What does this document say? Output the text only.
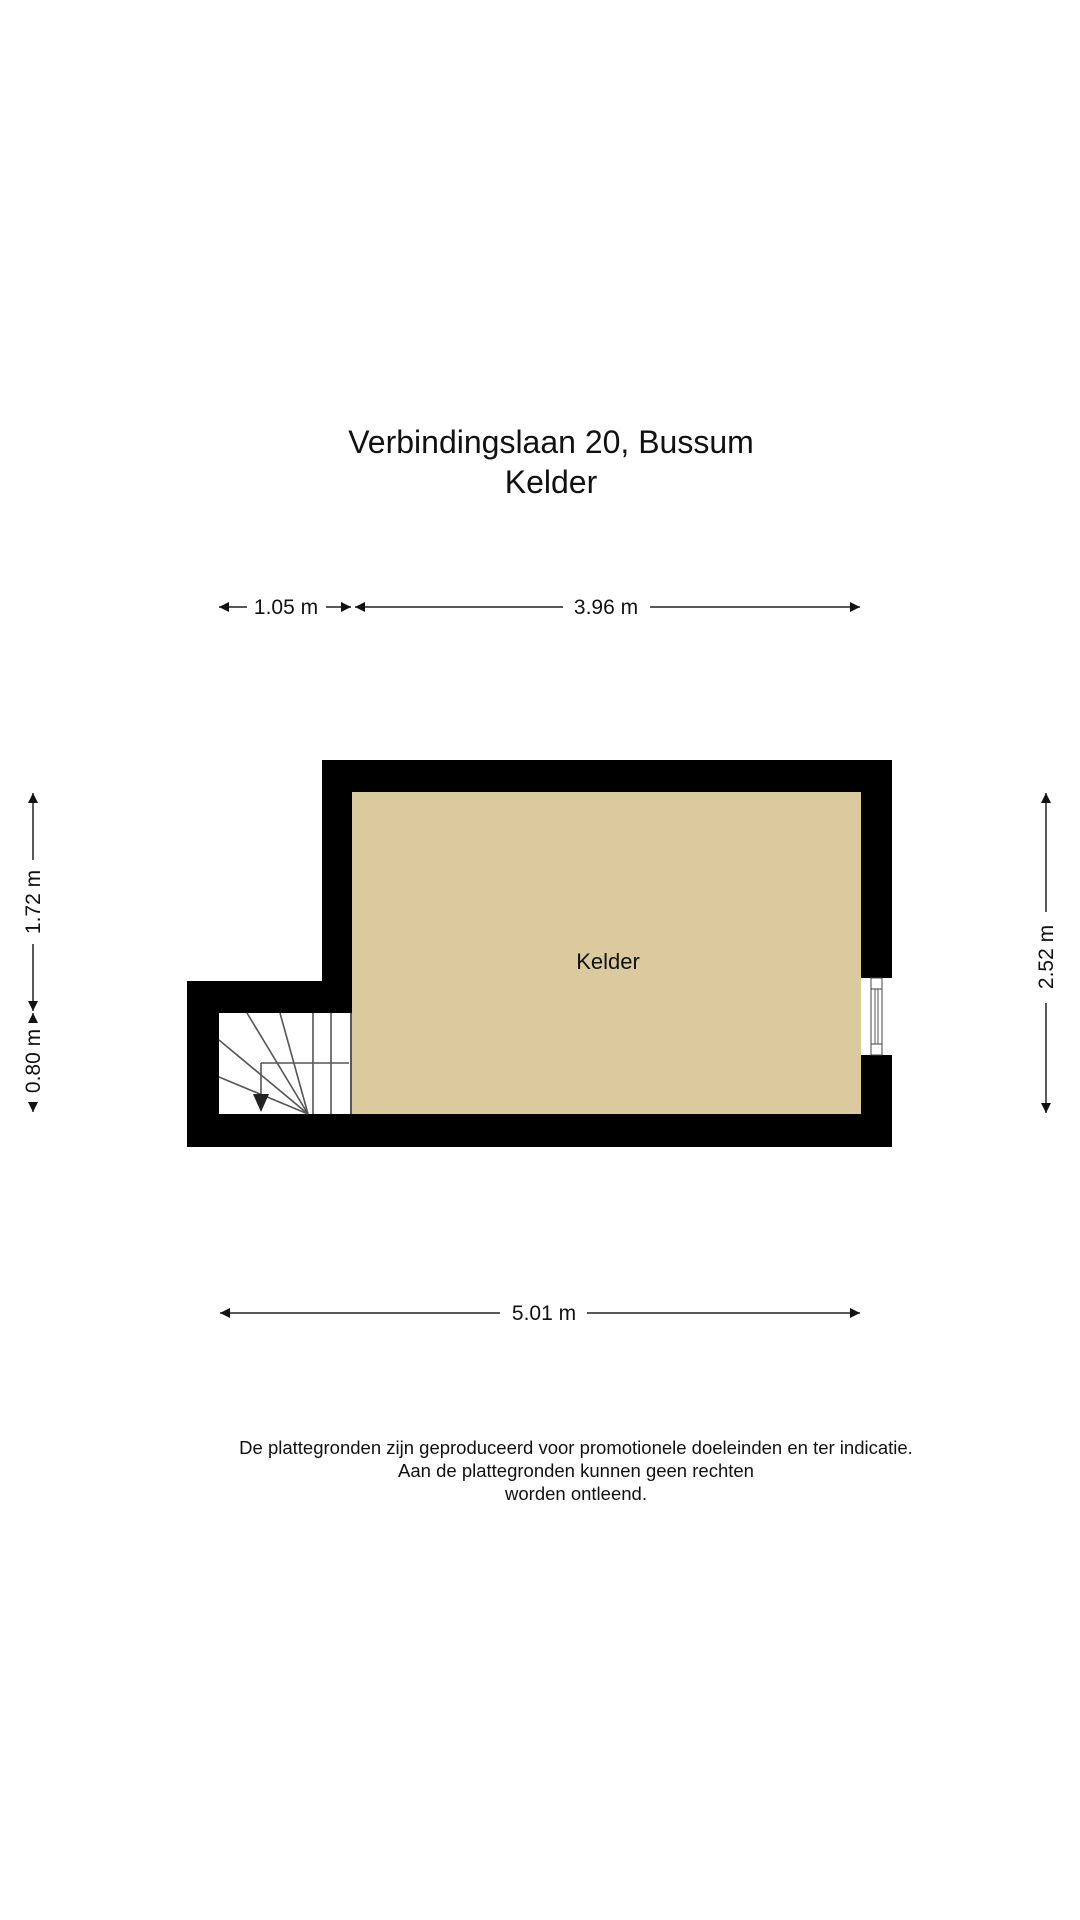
Verbindingslaan 20, Bussum
Kelder
1.05 m	3.96 m
1.72 m
0.80 m
2.52 m
5.01 m
Kelder
De plattegronden zijn geproduceerd voor promotionele doeleinden en ter indicatie.
Aan de plattegronden kunnen geen rechten
worden ontleend.
